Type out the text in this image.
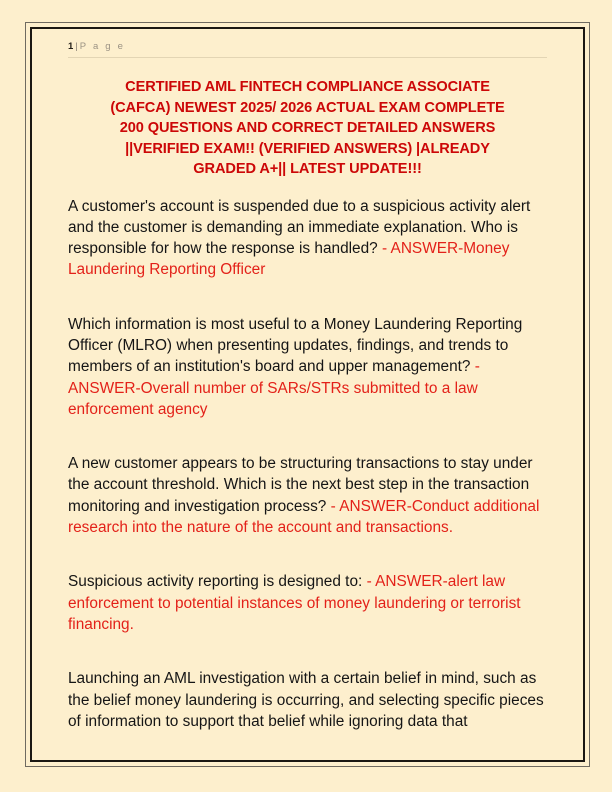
1 | P a g e
CERTIFIED AML FINTECH COMPLIANCE ASSOCIATE
(CAFCA) NEWEST 2025/ 2026 ACTUAL EXAM COMPLETE
200 QUESTIONS AND CORRECT DETAILED ANSWERS
||VERIFIED EXAM!! (VERIFIED ANSWERS) |ALREADY
GRADED A+|| LATEST UPDATE!!!

A customer's account is suspended due to a suspicious activity alert and the customer is demanding an immediate explanation. Who is responsible for how the response is handled? - ANSWER-Money Laundering Reporting Officer

Which information is most useful to a Money Laundering Reporting Officer (MLRO) when presenting updates, findings, and trends to members of an institution's board and upper management? - ANSWER-Overall number of SARs/STRs submitted to a law enforcement agency

A new customer appears to be structuring transactions to stay under the account threshold. Which is the next best step in the transaction monitoring and investigation process? - ANSWER-Conduct additional research into the nature of the account and transactions.

Suspicious activity reporting is designed to: - ANSWER-alert law enforcement to potential instances of money laundering or terrorist financing.

Launching an AML investigation with a certain belief in mind, such as the belief money laundering is occurring, and selecting specific pieces of information to support that belief while ignoring data that
